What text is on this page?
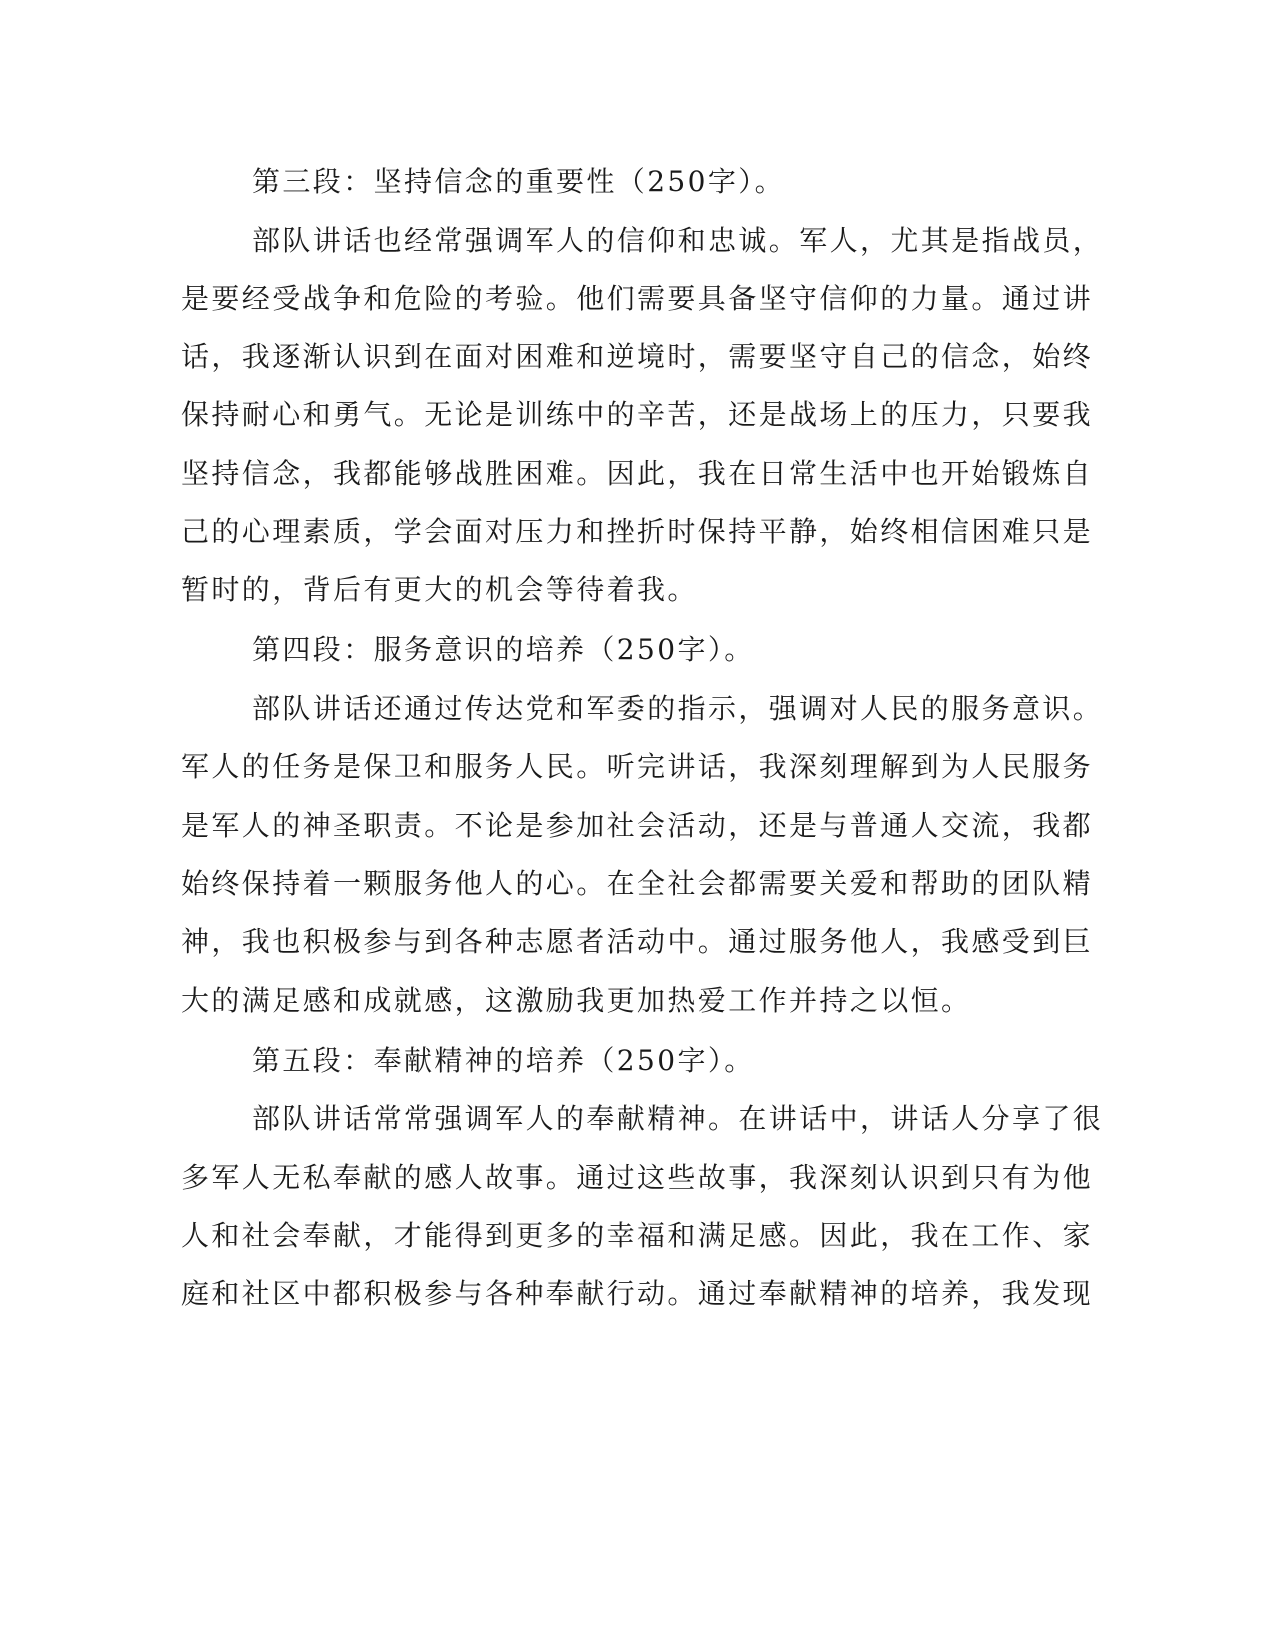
第三段：坚持信念的重要性（250字）。
部队讲话也经常强调军人的信仰和忠诚。军人，尤其是指战员，
是要经受战争和危险的考验。他们需要具备坚守信仰的力量。通过讲
话，我逐渐认识到在面对困难和逆境时，需要坚守自己的信念，始终
保持耐心和勇气。无论是训练中的辛苦，还是战场上的压力，只要我
坚持信念，我都能够战胜困难。因此，我在日常生活中也开始锻炼自
己的心理素质，学会面对压力和挫折时保持平静，始终相信困难只是
暂时的，背后有更大的机会等待着我。
第四段：服务意识的培养（250字）。
部队讲话还通过传达党和军委的指示，强调对人民的服务意识。
军人的任务是保卫和服务人民。听完讲话，我深刻理解到为人民服务
是军人的神圣职责。不论是参加社会活动，还是与普通人交流，我都
始终保持着一颗服务他人的心。在全社会都需要关爱和帮助的团队精
神，我也积极参与到各种志愿者活动中。通过服务他人，我感受到巨
大的满足感和成就感，这激励我更加热爱工作并持之以恒。
第五段：奉献精神的培养（250字）。
部队讲话常常强调军人的奉献精神。在讲话中，讲话人分享了很
多军人无私奉献的感人故事。通过这些故事，我深刻认识到只有为他
人和社会奉献，才能得到更多的幸福和满足感。因此，我在工作、家
庭和社区中都积极参与各种奉献行动。通过奉献精神的培养，我发现
